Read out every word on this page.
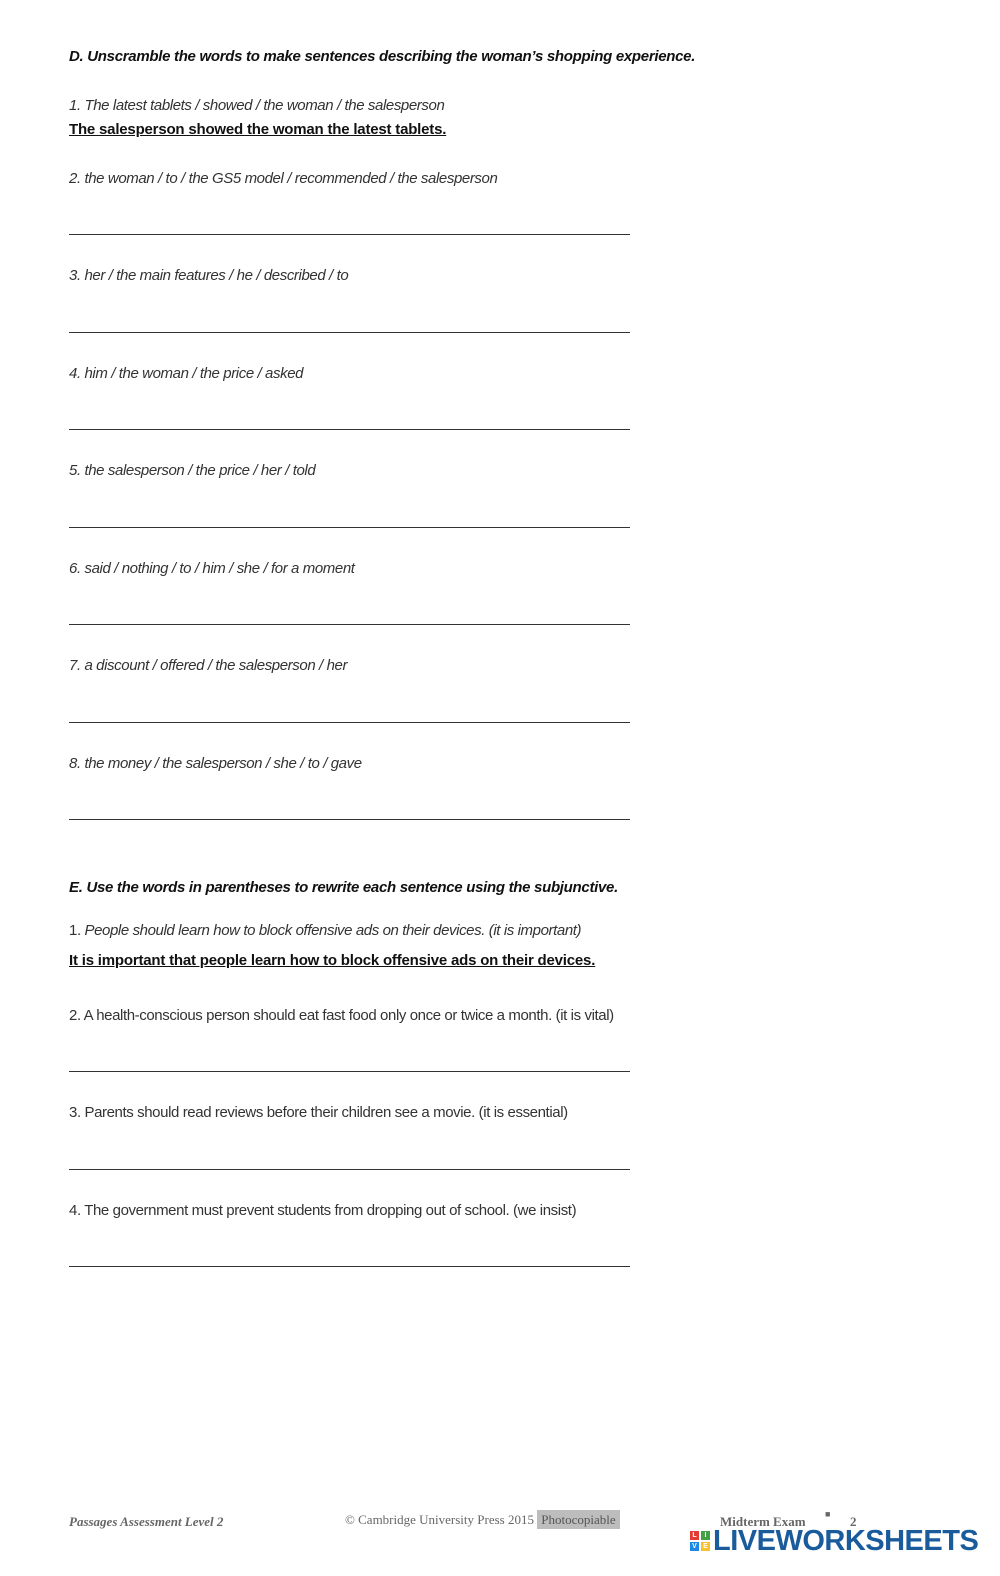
D. Unscramble the words to make sentences describing the woman’s shopping experience.
1. The latest tablets / showed / the woman / the salesperson
The salesperson showed the woman the latest tablets.
2. the woman / to / the GS5 model / recommended / the salesperson
3. her / the main features / he / described / to
4. him / the woman / the price / asked
5. the salesperson / the price / her / told
6. said / nothing / to / him / she / for a moment
7. a discount / offered / the salesperson / her
8. the money / the salesperson / she / to / gave
E. Use the words in parentheses to rewrite each sentence using the subjunctive.
1. People should learn how to block offensive ads on their devices. (it is important)
It is important that people learn how to block offensive ads on their devices.
2. A health-conscious person should eat fast food only once or twice a month. (it is vital)
3. Parents should read reviews before their children see a movie. (it is essential)
4. The government must prevent students from dropping out of school. (we insist)
Passages Assessment Level 2	© Cambridge University Press 2015 Photocopiable	Midterm Exam ■ 2
L	I
V E LIVEWORKSHEETS
